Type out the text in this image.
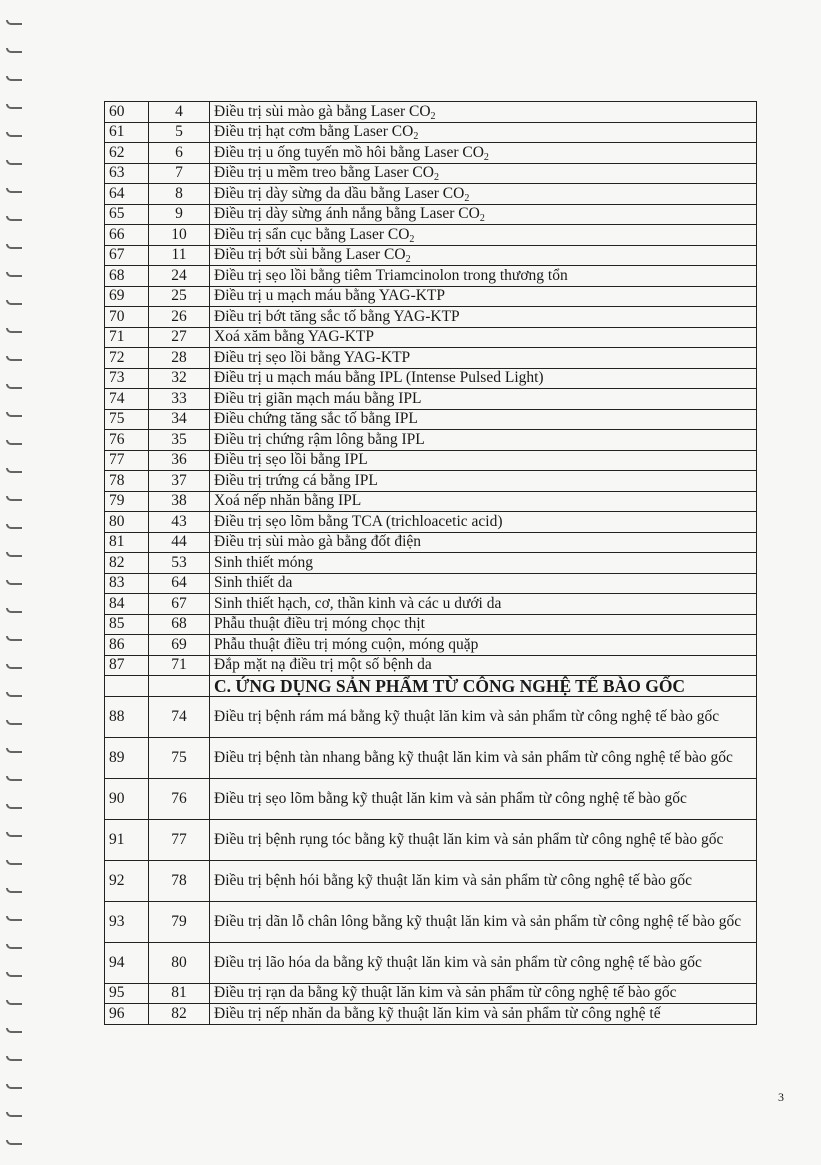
60	4	Điều trị sùi mào gà bằng Laser $CO_2$
61	5	Điều trị hạt cơm bằng Laser $CO_2$
62	6	Điều trị u ống tuyến mồ hôi bằng Laser $CO_2$
63	7	Điều trị u mềm treo bằng Laser $CO_2$
64	8	Điều trị dày sừng da dầu bằng Laser $CO_2$
65	9	Điều trị dày sừng ánh nắng bằng Laser $CO_2$
66	10	Điều trị sẩn cục bằng Laser $CO_2$
67	11	Điều trị bớt sùi bằng Laser $CO_2$
68	24	Điều trị sẹo lồi bằng tiêm Triamcinolon trong thương tổn
69	25	Điều trị u mạch máu bằng YAG-KTP
70	26	Điều trị bớt tăng sắc tố bằng YAG-KTP
71	27	Xoá xăm bằng YAG-KTP
72	28	Điều trị sẹo lồi bằng YAG-KTP
73	32	Điều trị u mạch máu bằng IPL (Intense Pulsed Light)
74	33	Điều trị giãn mạch máu bằng IPL
75	34	Điều chứng tăng sắc tố bằng IPL
76	35	Điều trị chứng rậm lông bằng IPL
77	36	Điều trị sẹo lồi bằng IPL
78	37	Điều trị trứng cá bằng IPL
79	38	Xoá nếp nhăn bằng IPL
80	43	Điều trị sẹo lõm bằng TCA (trichloacetic acid)
81	44	Điều trị sùi mào gà bằng đốt điện
82	53	Sinh thiết móng
83	64	Sinh thiết da
84	67	Sinh thiết hạch, cơ, thần kinh và các u dưới da
85	68	Phẫu thuật điều trị móng chọc thịt
86	69	Phẫu thuật điều trị móng cuộn, móng quặp
87	71	Đắp mặt nạ điều trị một số bệnh da
		C. ỨNG DỤNG SẢN PHẨM TỪ CÔNG NGHỆ TẾ BÀO GỐC
88	74	Điều trị bệnh rám má bằng kỹ thuật lăn kim và sản phẩm từ công nghệ tế bào gốc
89	75	Điều trị bệnh tàn nhang bằng kỹ thuật lăn kim và sản phẩm từ công nghệ tế bào gốc
90	76	Điều trị sẹo lõm bằng kỹ thuật lăn kim và sản phẩm từ công nghệ tế bào gốc
91	77	Điều trị bệnh rụng tóc bằng kỹ thuật lăn kim và sản phẩm từ công nghệ tế bào gốc
92	78	Điều trị bệnh hói bằng kỹ thuật lăn kim và sản phẩm từ công nghệ tế bào gốc
93	79	Điều trị dãn lỗ chân lông bằng kỹ thuật lăn kim và sản phẩm từ công nghệ tế bào gốc
94	80	Điều trị lão hóa da bằng kỹ thuật lăn kim và sản phẩm từ công nghệ tế bào gốc
95	81	Điều trị rạn da bằng kỹ thuật lăn kim và sản phẩm từ công nghệ tế bào gốc
96	82	Điều trị nếp nhăn da bằng kỹ thuật lăn kim và sản phẩm từ công nghệ tế
3
